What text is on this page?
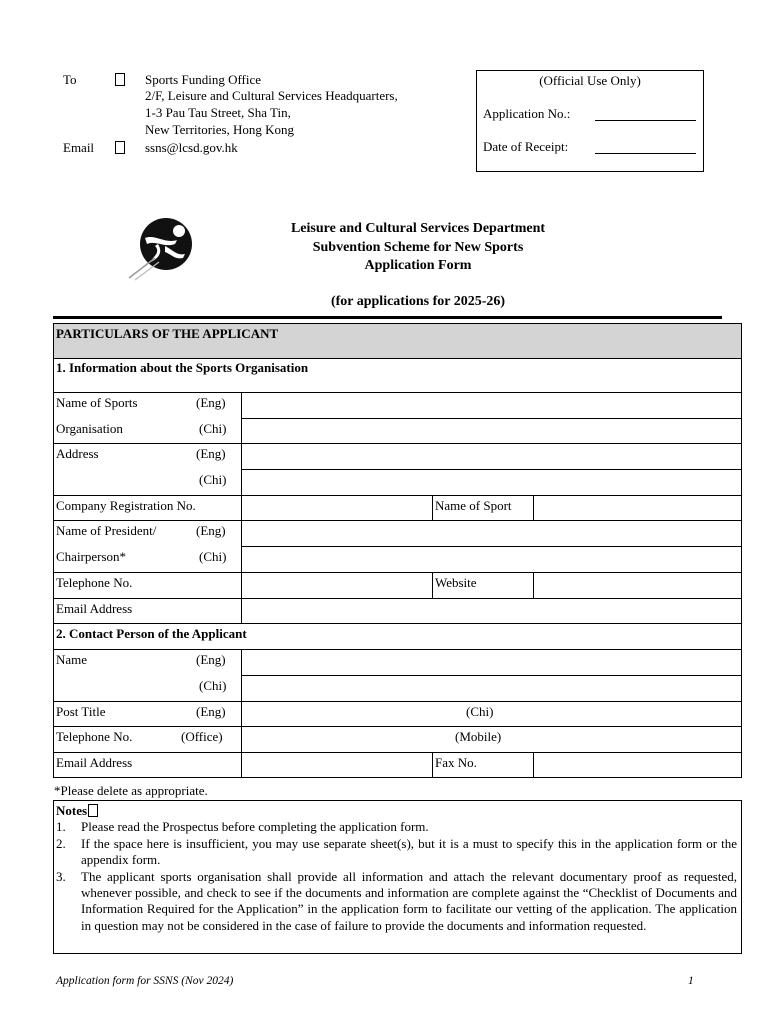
To	Sports Funding Office
2/F, Leisure and Cultural Services Headquarters,
1-3 Pau Tau Street, Sha Tin,
New Territories, Hong Kong
Email	ssns@lcsd.gov.hk
(Official Use Only)
Application No.:
Date of Receipt:
Leisure and Cultural Services Department
Subvention Scheme for New Sports
Application Form
(for applications for 2025-26)
PARTICULARS OF THE APPLICANT
1. Information about the Sports Organisation
Name of Sports	(Eng)
Organisation	(Chi)
Address	(Eng)
(Chi)
Company Registration No.	Name of Sport
Name of President/	(Eng)
Chairperson*	(Chi)
Telephone No.	Website
Email Address
2. Contact Person of the Applicant
Name	(Eng)
(Chi)
Post Title	(Eng)	(Chi)
Telephone No.	(Office)	(Mobile)
Email Address	Fax No.
*Please delete as appropriate.
Notes
1.	Please read the Prospectus before completing the application form.
2.	If the space here is insufficient, you may use separate sheet(s), but it is a must to specify this in the application form or the appendix form.
3.	The applicant sports organisation shall provide all information and attach the relevant documentary proof as requested, whenever possible, and check to see if the documents and information are complete against the “Checklist of Documents and Information Required for the Application” in the application form to facilitate our vetting of the application. The application in question may not be considered in the case of failure to provide the documents and information requested.
Application form for SSNS (Nov 2024)	1
